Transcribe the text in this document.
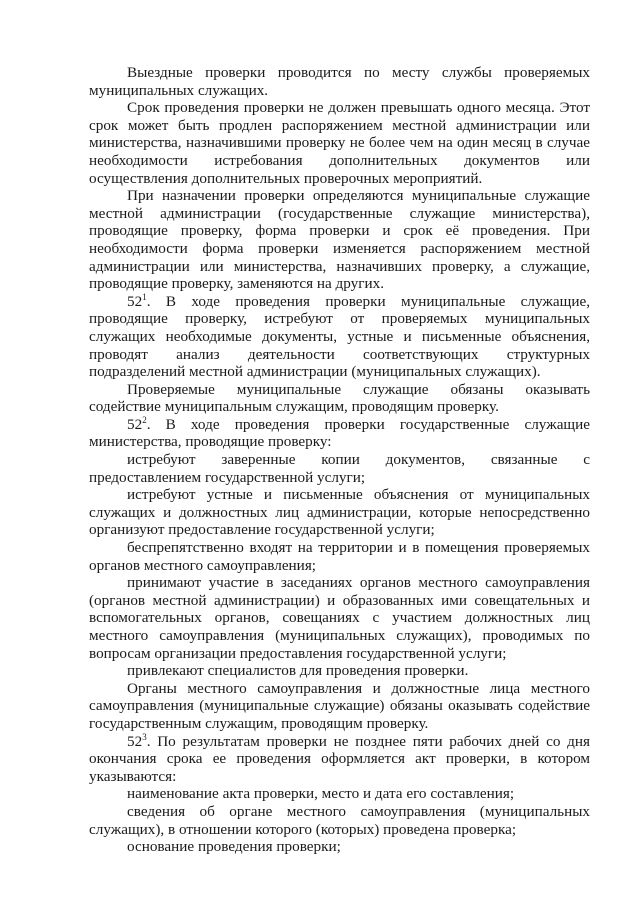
Выездные проверки проводится по месту службы проверяемых муниципальных служащих.

Срок проведения проверки не должен превышать одного месяца. Этот срок может быть продлен распоряжением местной администрации или министерства, назначившими проверку не более чем на один месяц в случае необходимости истребования дополнительных документов или осуществления дополнительных проверочных мероприятий.

При назначении проверки определяются муниципальные служащие местной администрации (государственные служащие министерства), проводящие проверку, форма проверки и срок её проведения. При необходимости форма проверки изменяется распоряжением местной администрации или министерства, назначивших проверку, а служащие, проводящие проверку, заменяются на других.

$52^1$. В ходе проведения проверки муниципальные служащие, проводящие проверку, истребуют от проверяемых муниципальных служащих необходимые документы, устные и письменные объяснения, проводят анализ деятельности соответствующих структурных подразделений местной администрации (муниципальных служащих).

Проверяемые муниципальные служащие обязаны оказывать содействие муниципальным служащим, проводящим проверку.

$52^2$. В ходе проведения проверки государственные служащие министерства, проводящие проверку:

истребуют заверенные копии документов, связанные с предоставлением государственной услуги;

истребуют устные и письменные объяснения от муниципальных служащих и должностных лиц администрации, которые непосредственно организуют предоставление государственной услуги;

беспрепятственно входят на территории и в помещения проверяемых органов местного самоуправления;

принимают участие в заседаниях органов местного самоуправления (органов местной администрации) и образованных ими совещательных и вспомогательных органов, совещаниях с участием должностных лиц местного самоуправления (муниципальных служащих), проводимых по вопросам организации предоставления государственной услуги;

привлекают специалистов для проведения проверки.

Органы местного самоуправления и должностные лица местного самоуправления (муниципальные служащие) обязаны оказывать содействие государственным служащим, проводящим проверку.

$52^3$. По результатам проверки не позднее пяти рабочих дней со дня окончания срока ее проведения оформляется акт проверки, в котором указываются:

наименование акта проверки, место и дата его составления;

сведения об органе местного самоуправления (муниципальных служащих), в отношении которого (которых) проведена проверка;

основание проведения проверки;
